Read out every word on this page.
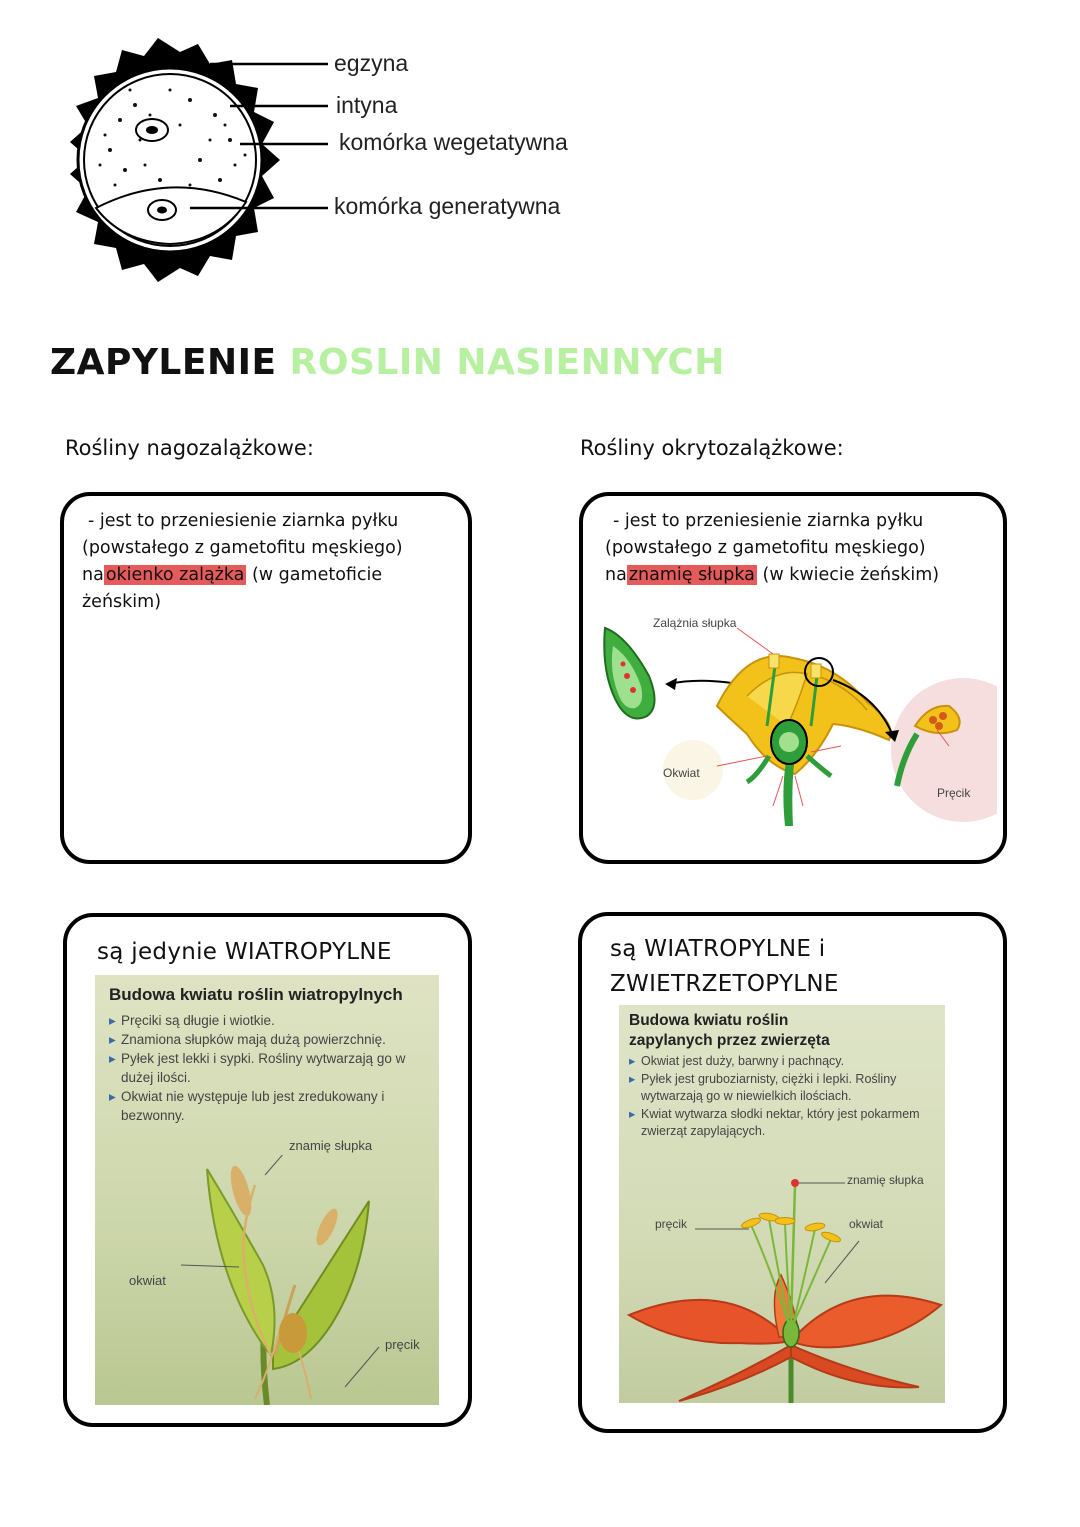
egzyna
intyna
komórka wegetatywna
komórka generatywna
ZAPYLENIE ROSLIN NASIENNYCH
Rośliny nagozalążkowe:	Rośliny okrytozalążkowe:
- jest to przeniesienie ziarnka pyłku
(powstałego z gametofitu męskiego)
na okienko zalążka (w gametoficie
żeńskim)
- jest to przeniesienie ziarnka pyłku
(powstałego z gametofitu męskiego)
na znamię słupka (w kwiecie żeńskim)
Zalążnia słupka
Okwiat
Pręcik
są jedynie WIATROPYLNE
Budowa kwiatu roślin wiatropylnych
▸ Pręciki są długie i wiotkie.
▸ Znamiona słupków mają dużą powierzchnię.
▸ Pyłek jest lekki i sypki. Rośliny wytwarzają go w dużej ilości.
▸ Okwiat nie występuje lub jest zredukowany i bezwonny.
znamię słupka
okwiat
pręcik
są WIATROPYLNE i
ZWIETRZETOPYLNE
Budowa kwiatu roślin zapylanych przez zwierzęta
▸ Okwiat jest duży, barwny i pachnący.
▸ Pyłek jest gruboziarnisty, ciężki i lepki. Rośliny wytwarzają go w niewielkich ilościach.
▸ Kwiat wytwarza słodki nektar, który jest pokarmem zwierząt zapylających.
znamię słupka
pręcik	okwiat
